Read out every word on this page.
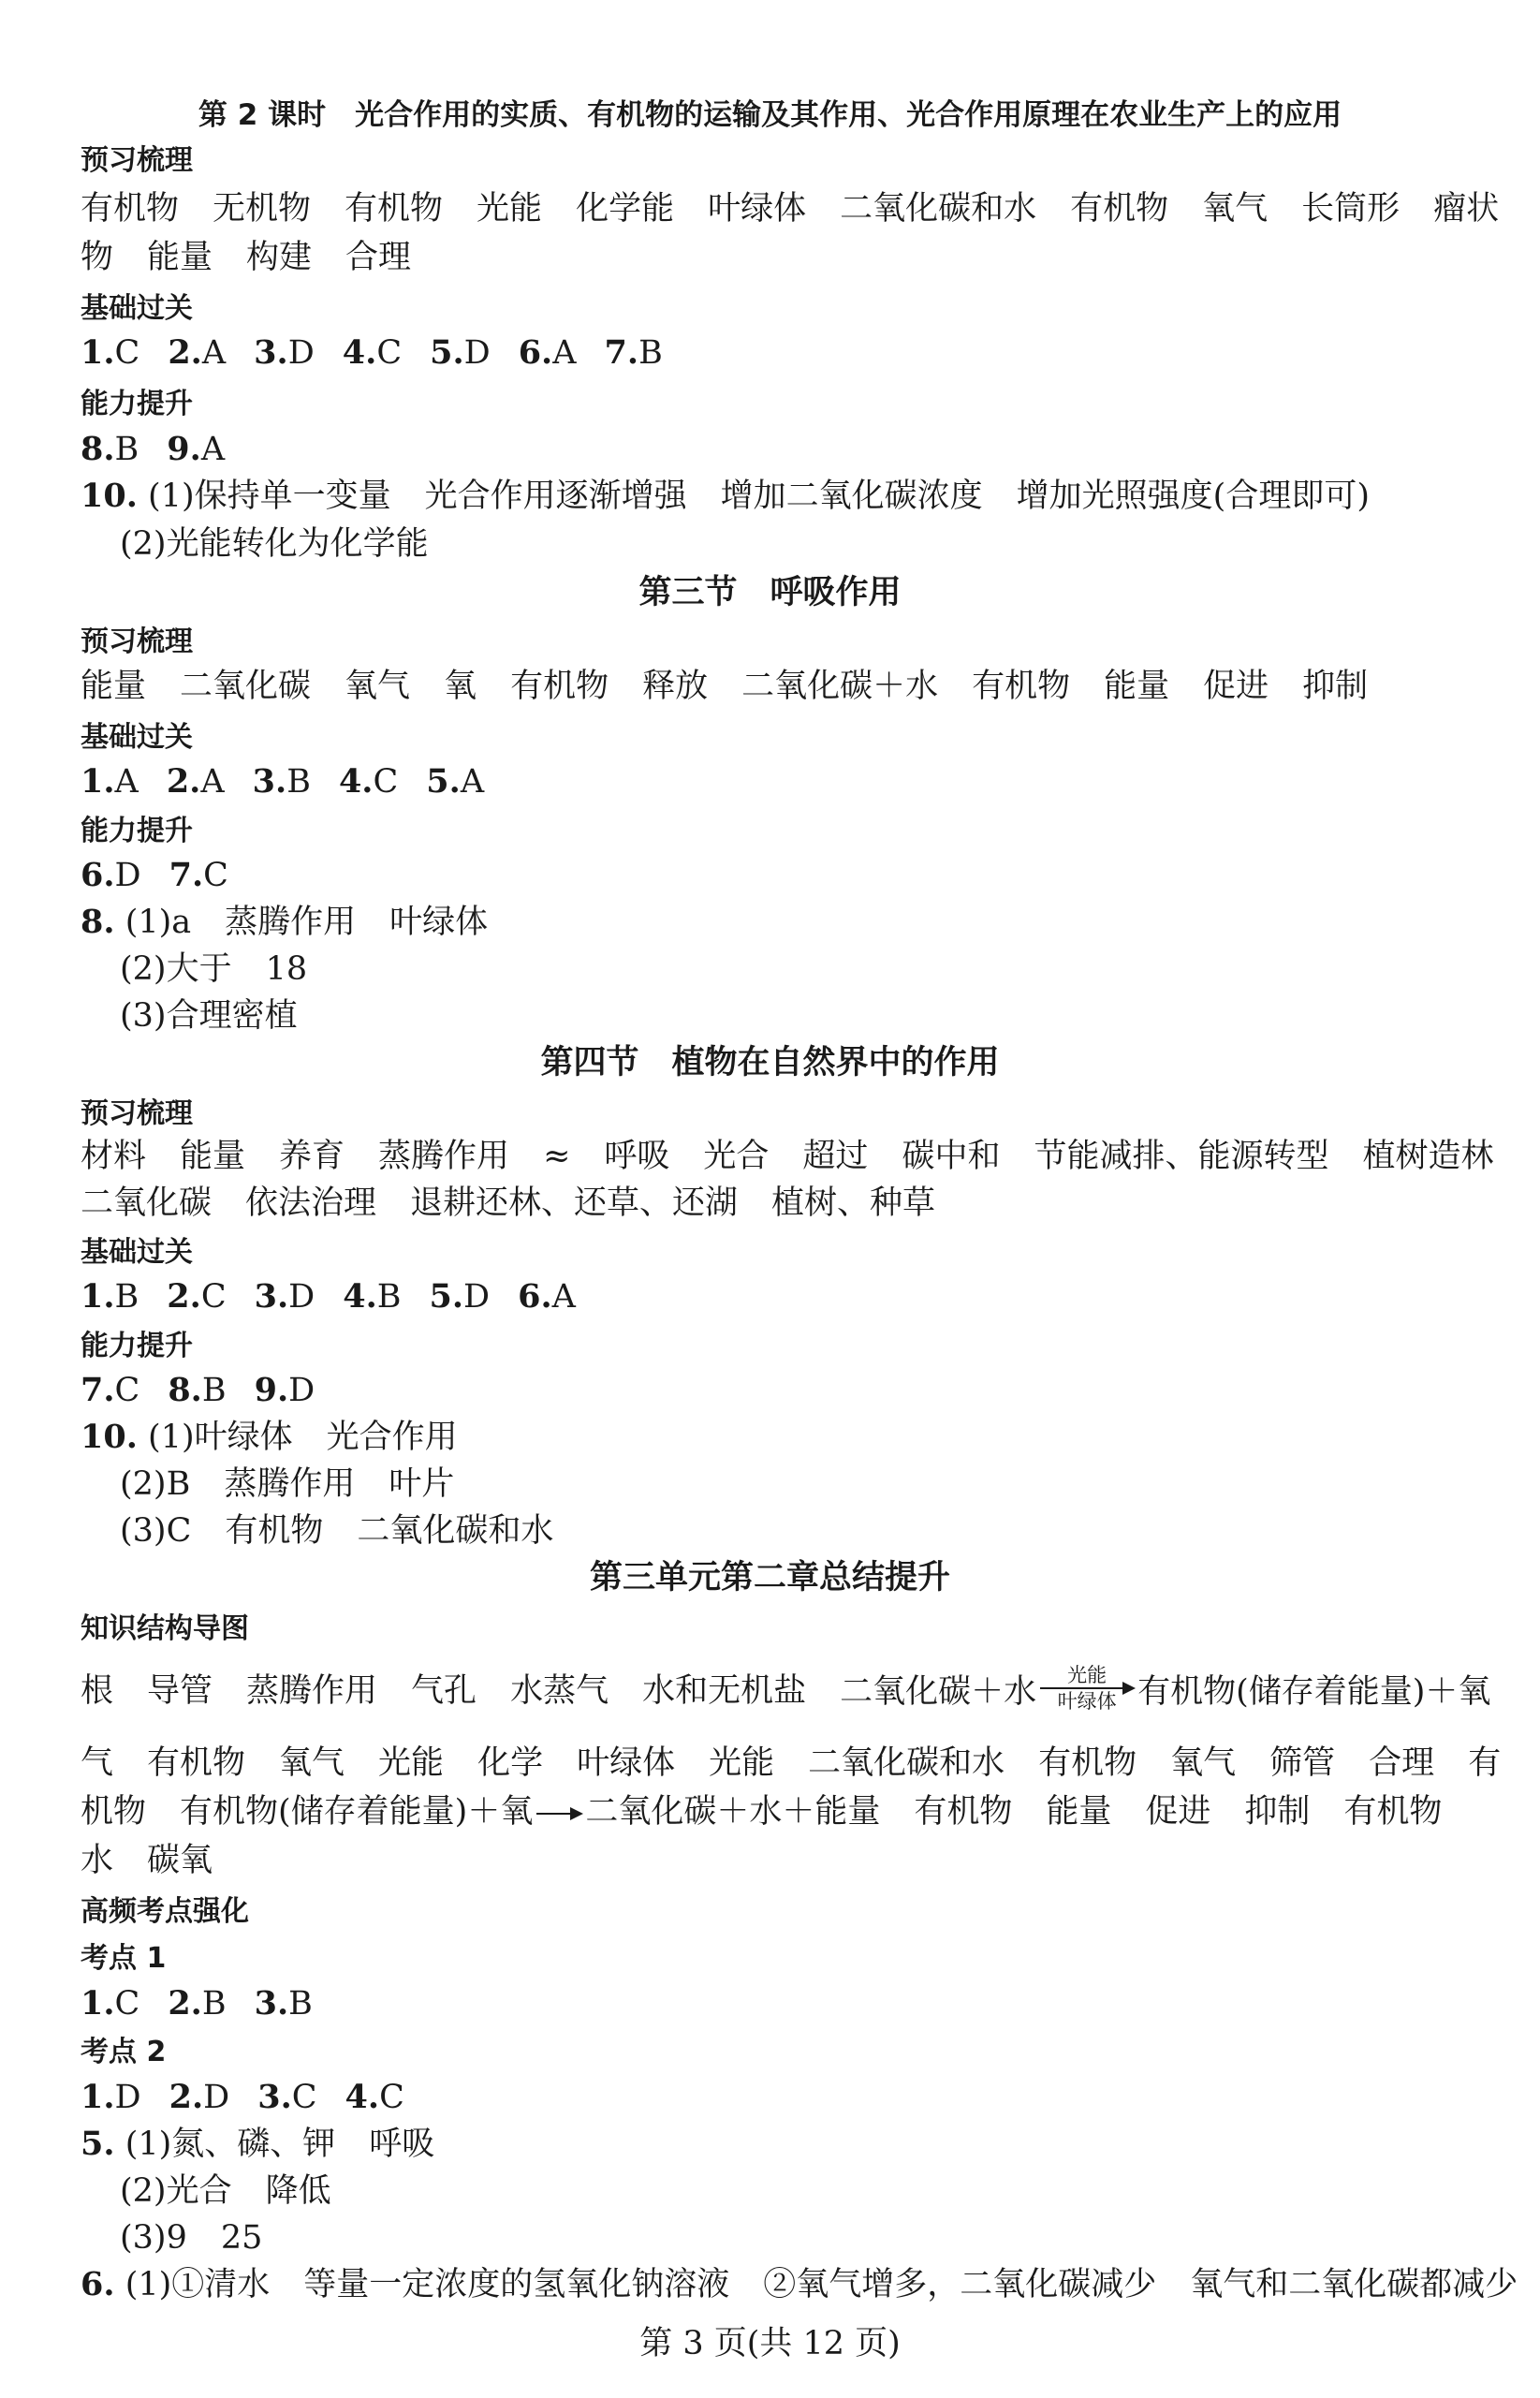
第 2 课时　光合作用的实质、有机物的运输及其作用、光合作用原理在农业生产上的应用
预习梳理
有机物 无机物 有机物 光能 化学能 叶绿体 二氧化碳和水 有机物 氧气 长筒形 瘤状
物 能量 构建 合理
基础过关
1.C 2.A 3.D 4.C 5.D 6.A 7.B
能力提升
8.B 9.A
10. (1)保持单一变量 光合作用逐渐增强 增加二氧化碳浓度 增加光照强度(合理即可)
(2)光能转化为化学能
第三节　呼吸作用
预习梳理
能量 二氧化碳 氧气 氧 有机物 释放 二氧化碳＋水 有机物 能量 促进 抑制
基础过关
1.A 2.A 3.B 4.C 5.A
能力提升
6.D 7.C
8. (1)a 蒸腾作用 叶绿体
(2)大于 18
(3)合理密植
第四节　植物在自然界中的作用
预习梳理
材料 能量 养育 蒸腾作用 ≈ 呼吸 光合 超过 碳中和 节能减排、能源转型 植树造林
二氧化碳 依法治理 退耕还林、还草、还湖 植树、种草
基础过关
1.B 2.C 3.D 4.B 5.D 6.A
能力提升
7.C 8.B 9.D
10. (1)叶绿体 光合作用
(2)B 蒸腾作用 叶片
(3)C 有机物 二氧化碳和水
第三单元第二章总结提升
知识结构导图
根 导管 蒸腾作用 气孔 水蒸气 水和无机盐 二氧化碳＋水 光能
叶绿体 有机物(储存着能量)＋氧
气 有机物 氧气 光能 化学 叶绿体 光能 二氧化碳和水 有机物 氧气 筛管 合理 有
机物 有机物(储存着能量)＋氧 → 二氧化碳＋水＋能量 有机物 能量 促进 抑制 有机物
水 碳氧
高频考点强化
考点 1
1.C 2.B 3.B
考点 2
1.D 2.D 3.C 4.C
5. (1)氮、磷、钾 呼吸
(2)光合 降低
(3)9 25
6. (1)①清水 等量一定浓度的氢氧化钠溶液 ②氧气增多，二氧化碳减少 氧气和二氧化碳都减少
第 3 页(共 12 页)
